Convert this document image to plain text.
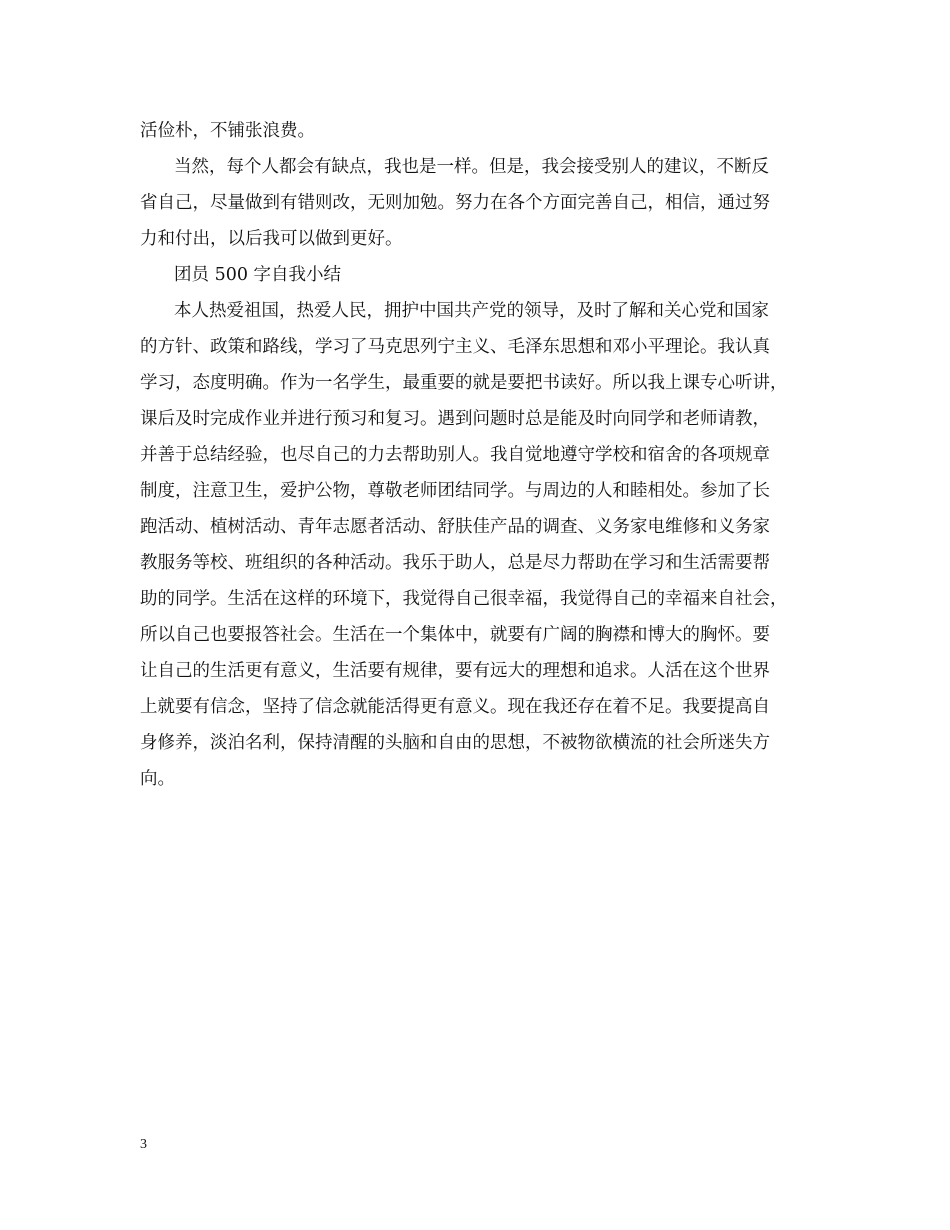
活俭朴，不铺张浪费。
当然，每个人都会有缺点，我也是一样。但是，我会接受别人的建议，不断反
省自己，尽量做到有错则改，无则加勉。努力在各个方面完善自己，相信，通过努
力和付出，以后我可以做到更好。
团员 500 字自我小结
本人热爱祖国，热爱人民，拥护中国共产党的领导，及时了解和关心党和国家
的方针、政策和路线，学习了马克思列宁主义、毛泽东思想和邓小平理论。我认真
学习，态度明确。作为一名学生，最重要的就是要把书读好。所以我上课专心听讲，
课后及时完成作业并进行预习和复习。遇到问题时总是能及时向同学和老师请教，
并善于总结经验，也尽自己的力去帮助别人。我自觉地遵守学校和宿舍的各项规章
制度，注意卫生，爱护公物，尊敬老师团结同学。与周边的人和睦相处。参加了长
跑活动、植树活动、青年志愿者活动、舒肤佳产品的调查、义务家电维修和义务家
教服务等校、班组织的各种活动。我乐于助人，总是尽力帮助在学习和生活需要帮
助的同学。生活在这样的环境下，我觉得自己很幸福，我觉得自己的幸福来自社会，
所以自己也要报答社会。生活在一个集体中，就要有广阔的胸襟和博大的胸怀。要
让自己的生活更有意义，生活要有规律，要有远大的理想和追求。人活在这个世界
上就要有信念，坚持了信念就能活得更有意义。现在我还存在着不足。我要提高自
身修养，淡泊名利，保持清醒的头脑和自由的思想，不被物欲横流的社会所迷失方
向。
3
